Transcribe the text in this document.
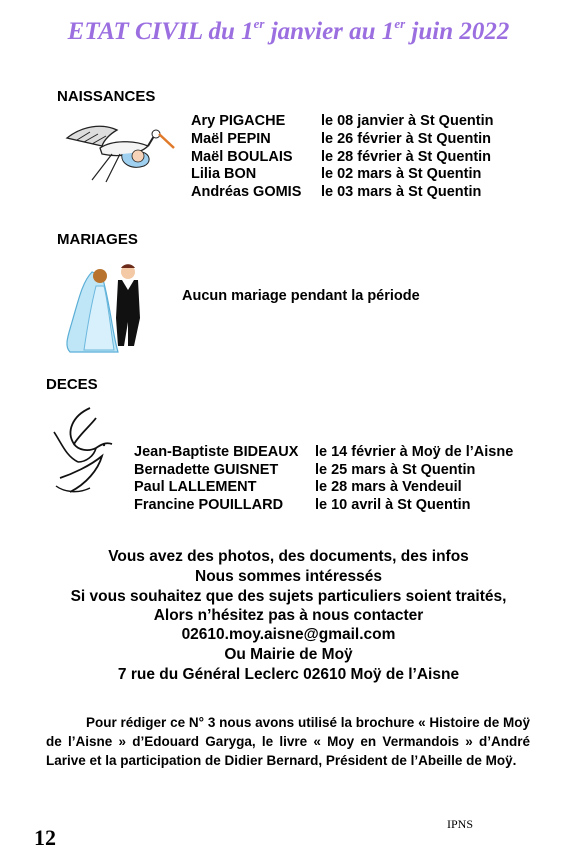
ETAT CIVIL du 1er janvier au 1er juin 2022
NAISSANCES
Ary PIGACHE le 08 janvier à St Quentin
Maël PEPIN	le 26 février à St Quentin
Maël BOULAIS le 28 février à St Quentin
Lilia BON	le 02 mars à St Quentin
Andréas GOMIS le 03 mars à St Quentin
MARIAGES
Aucun mariage pendant la période
DECES
Jean-Baptiste BIDEAUX le 14 février à Moÿ de l’Aisne
Bernadette GUISNET	le 25 mars à St Quentin
Paul LALLEMENT	le 28 mars à Vendeuil
Francine POUILLARD le 10 avril à St Quentin
Vous avez des photos, des documents, des infos
Nous sommes intéressés
Si vous souhaitez que des sujets particuliers soient traités,
Alors n’hésitez pas à nous contacter
02610.moy.aisne@gmail.com
Ou Mairie de Moÿ
7 rue du Général Leclerc 02610 Moÿ de l’Aisne
Pour rédiger ce N° 3 nous avons utilisé la brochure « Histoire de Moÿ de l’Aisne » d’Edouard Garyga, le livre « Moy en Vermandois » d’André Larive et la participation de Didier Bernard, Président de l’Abeille de Moÿ.
IPNS
12
